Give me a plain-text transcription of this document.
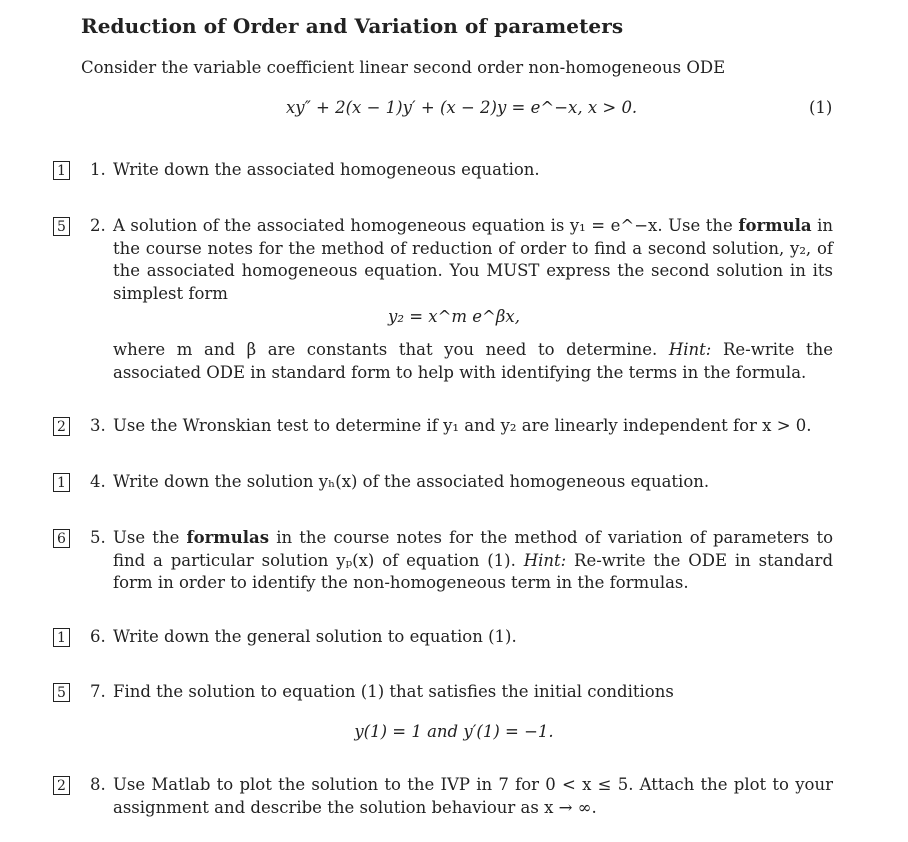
Reduction of Order and Variation of parameters
Consider the variable coefficient linear second order non-homogeneous ODE
xy″ + 2(x − 1)y′ + (x − 2)y = e^−x, x > 0.	(1)
1 1. Write down the associated homogeneous equation.
5 2. A solution of the associated homogeneous equation is y₁ = e^−x. Use the formula in the course notes for the method of reduction of order to find a second solution, y₂, of the associated homogeneous equation. You MUST express the second solution in its simplest form
y₂ = x^m e^βx,
where m and β are constants that you need to determine. Hint: Re-write the associated ODE in standard form to help with identifying the terms in the formula.
2 3. Use the Wronskian test to determine if y₁ and y₂ are linearly independent for x > 0.
1 4. Write down the solution yₕ(x) of the associated homogeneous equation.
6 5. Use the formulas in the course notes for the method of variation of parameters to find a particular solution yₚ(x) of equation (1). Hint: Re-write the ODE in standard form in order to identify the non-homogeneous term in the formulas.
1 6. Write down the general solution to equation (1).
5 7. Find the solution to equation (1) that satisfies the initial conditions
y(1) = 1 and y′(1) = −1.
2 8. Use Matlab to plot the solution to the IVP in 7 for 0 < x ≤ 5. Attach the plot to your assignment and describe the solution behaviour as x → ∞.
